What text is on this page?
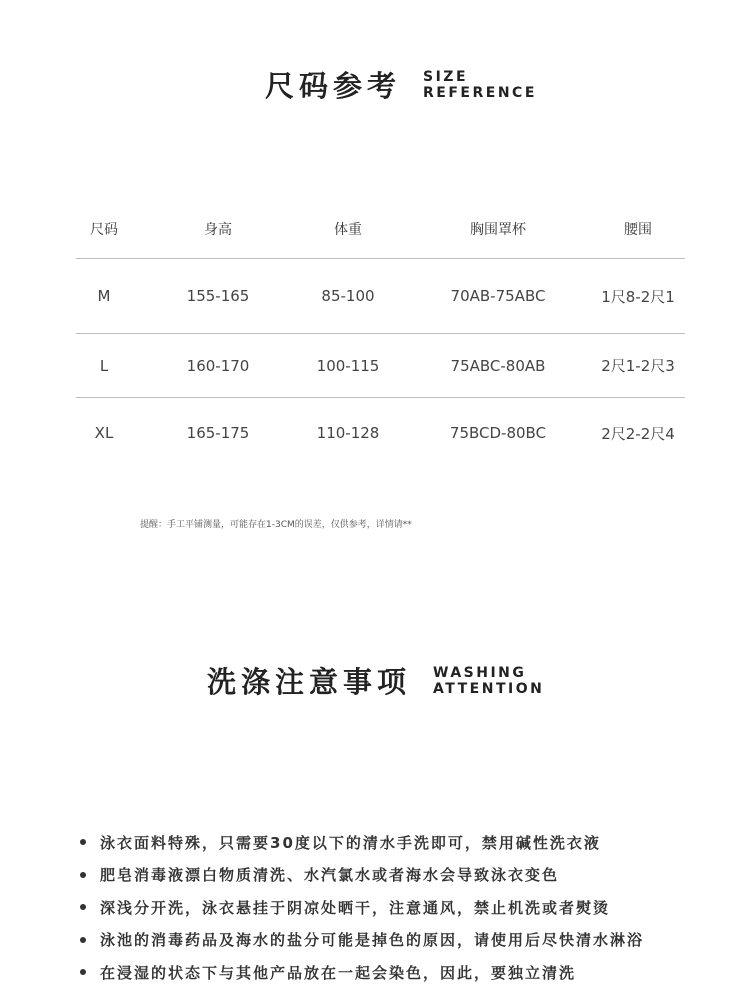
尺码参考 SIZE
REFERENCE
尺码	身高	体重	胸围罩杯	腰围
M	155-165	85-100	70AB-75ABC	1尺8-2尺1
L	160-170	100-115	75ABC-80AB	2尺1-2尺3
XL	165-175	110-128	75BCD-80BC	2尺2-2尺4
提醒：手工平铺测量，可能存在1-3CM的误差，仅供参考，详情请**
洗涤注意事项 WASHING
ATTENTION
泳衣面料特殊，只需要30度以下的清水手洗即可，禁用碱性洗衣液
肥皂消毒液漂白物质清洗、水汽氯水或者海水会导致泳衣变色
深浅分开洗，泳衣悬挂于阴凉处晒干，注意通风，禁止机洗或者熨烫
泳池的消毒药品及海水的盐分可能是掉色的原因，请使用后尽快清水淋浴
在浸湿的状态下与其他产品放在一起会染色，因此，要独立清洗
